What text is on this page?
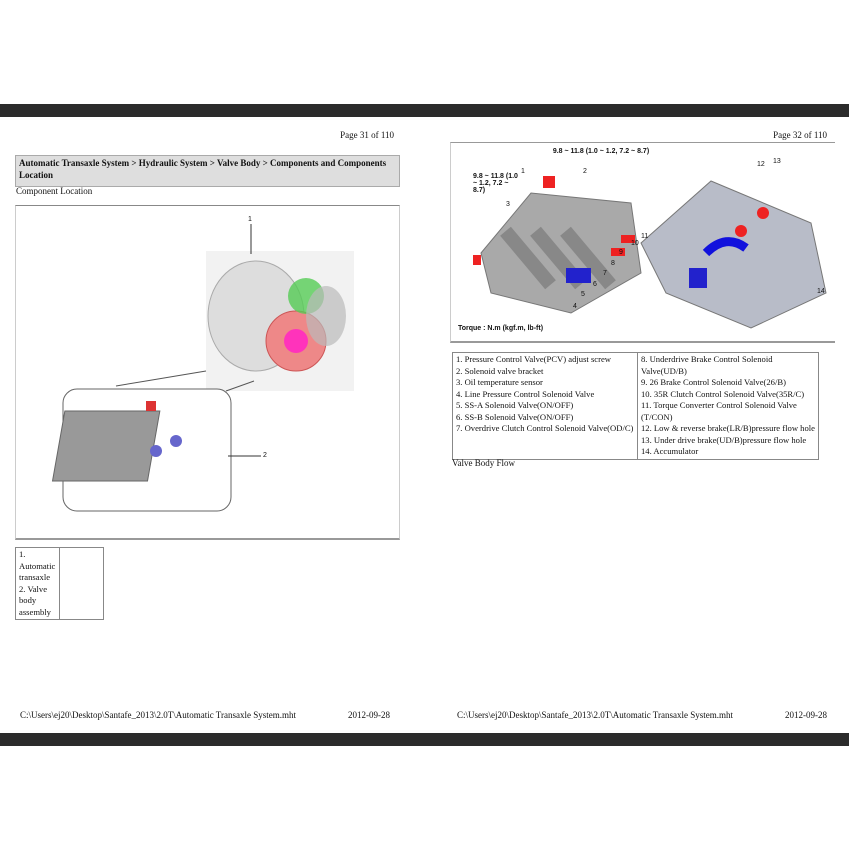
Page 31 of 110
Automatic Transaxle System > Hydraulic System > Valve Body > Components and Components Location
Component Location
1
2
1. Automatic transaxle 2. Valve body assembly	
C:\Users\ej20\Desktop\Santafe_2013\2.0T\Automatic Transaxle System.mht	2012-09-28
Page 32 of 110
9.8 ~ 11.8 (1.0 ~ 1.2, 7.2 ~ 8.7)
9.8 ~ 11.8 (1.0 ~ 1.2, 7.2 ~ 8.7)
Torque : N.m (kgf.m, lb-ft)
1	2
3
4
5
6
7
8
9
10
11
12 13
14
1. Pressure Control Valve(PCV) adjust screw
2. Solenoid valve bracket
3. Oil temperature sensor
4. Line Pressure Control Solenoid Valve
5. SS-A Solenoid Valve(ON/OFF)
6. SS-B Solenoid Valve(ON/OFF)
7. Overdrive Clutch Control Solenoid Valve(OD/C)

8. Underdrive Brake Control Solenoid Valve(UD/B)
9. 26 Brake Control Solenoid Valve(26/B)
10. 35R Clutch Control Solenoid Valve(35R/C)
11. Torque Converter Control Solenoid Valve (T/CON)
12. Low & reverse brake(LR/B)pressure flow hole
13. Under drive brake(UD/B)pressure flow hole
14. Accumulator
Valve Body Flow
C:\Users\ej20\Desktop\Santafe_2013\2.0T\Automatic Transaxle System.mht	2012-09-28
